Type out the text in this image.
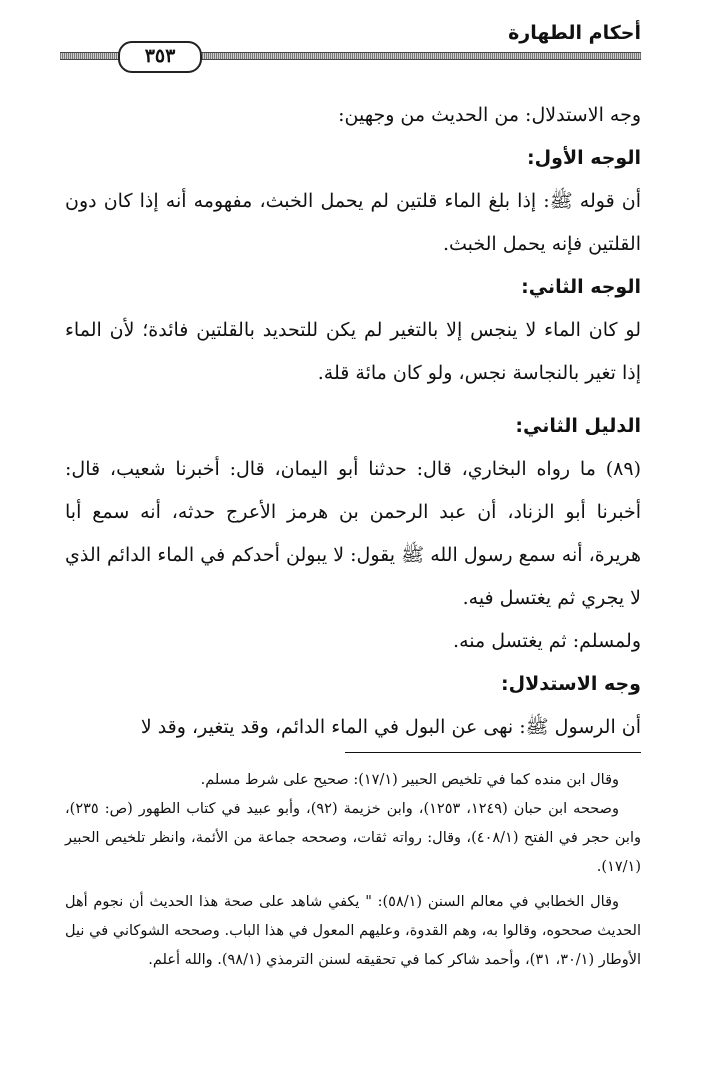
أحكام الطهارة
٣٥٣

وجه الاستدلال: من الحديث من وجهين:

الوجه الأول:

أن قوله ﷺ: إذا بلغ الماء قلتين لم يحمل الخبث، مفهومه أنه إذا كان دون القلتين فإنه يحمل الخبث.

الوجه الثاني:

لو كان الماء لا ينجس إلا بالتغير لم يكن للتحديد بالقلتين فائدة؛ لأن الماء إذا تغير بالنجاسة نجس، ولو كان مائة قلة.

الدليل الثاني:

(٨٩) ما رواه البخاري، قال: حدثنا أبو اليمان، قال: أخبرنا شعيب، قال: أخبرنا أبو الزناد، أن عبد الرحمن بن هرمز الأعرج حدثه، أنه سمع أبا هريرة، أنه سمع رسول الله ﷺ يقول: لا يبولن أحدكم في الماء الدائم الذي لا يجري ثم يغتسل فيه.

ولمسلم: ثم يغتسل منه.

وجه الاستدلال:

أن الرسول ﷺ: نهى عن البول في الماء الدائم، وقد يتغير، وقد لا

وقال ابن منده كما في تلخيص الحبير (١٧/١): صحيح على شرط مسلم.

وصححه ابن حبان (١٢٤٩، ١٢٥٣)، وابن خزيمة (٩٢)، وأبو عبيد في كتاب الطهور (ص: ٢٣٥)، وابن حجر في الفتح (٤٠٨/١)، وقال: رواته ثقات، وصححه جماعة من الأئمة، وانظر تلخيص الحبير (١٧/١).

وقال الخطابي في معالم السنن (٥٨/١): " يكفي شاهد على صحة هذا الحديث أن نجوم أهل الحديث صححوه، وقالوا به، وهم القدوة، وعليهم المعول في هذا الباب. وصححه الشوكاني في نيل الأوطار (٣٠/١، ٣١)، وأحمد شاكر كما في تحقيقه لسنن الترمذي (٩٨/١). والله أعلم.
